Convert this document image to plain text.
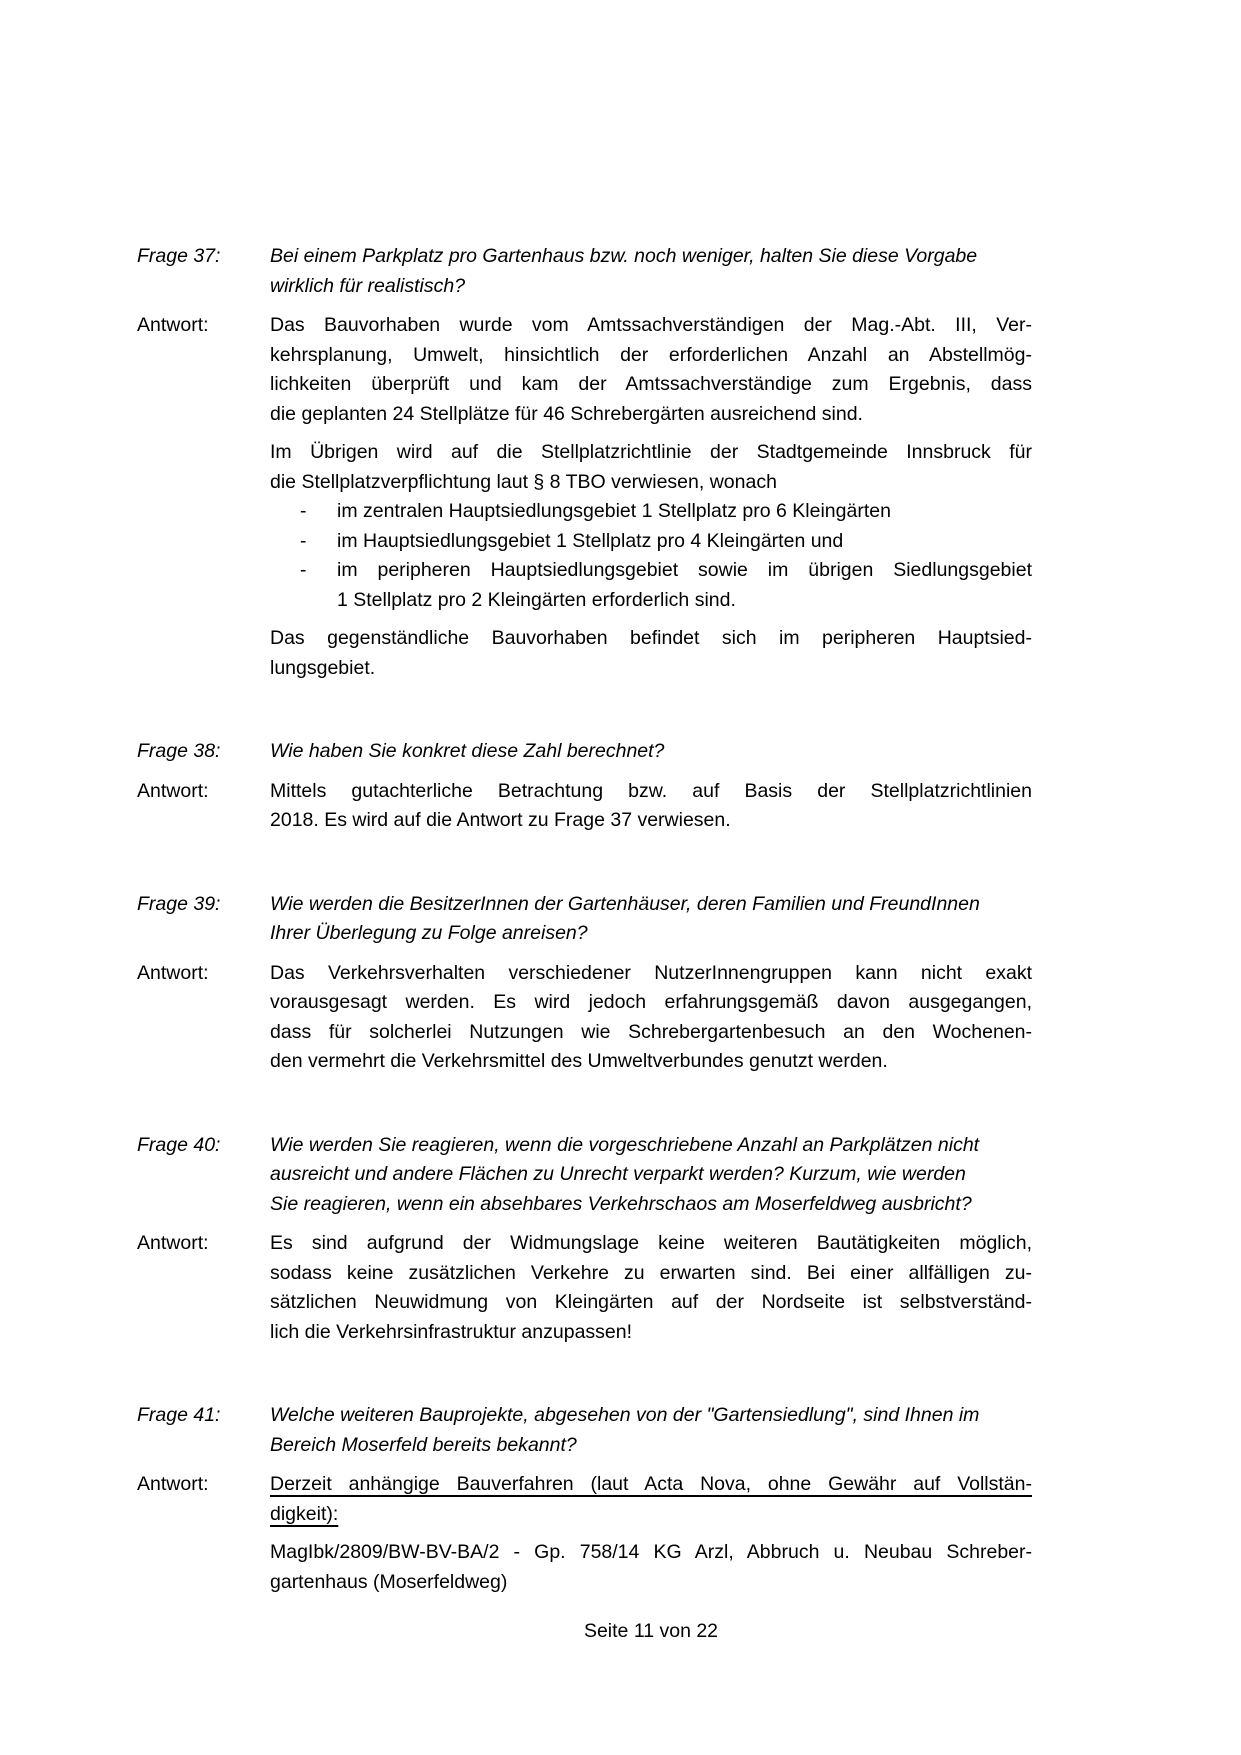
Frage 37:	Bei einem Parkplatz pro Gartenhaus bzw. noch weniger, halten Sie diese Vorgabe
wirklich für realistisch?
Antwort:	Das Bauvorhaben wurde vom Amtssachverständigen der Mag.-Abt. III, Ver-
kehrsplanung, Umwelt, hinsichtlich der erforderlichen Anzahl an Abstellmög-
lichkeiten überprüft und kam der Amtssachverständige zum Ergebnis, dass
die geplanten 24 Stellplätze für 46 Schrebergärten ausreichend sind.
Im Übrigen wird auf die Stellplatzrichtlinie der Stadtgemeinde Innsbruck für
die Stellplatzverpflichtung laut § 8 TBO verwiesen, wonach
-	im zentralen Hauptsiedlungsgebiet 1 Stellplatz pro 6 Kleingärten
-	im Hauptsiedlungsgebiet 1 Stellplatz pro 4 Kleingärten und
-	im peripheren Hauptsiedlungsgebiet sowie im übrigen Siedlungsgebiet
1 Stellplatz pro 2 Kleingärten erforderlich sind.
Das gegenständliche Bauvorhaben befindet sich im peripheren Hauptsied-
lungsgebiet.
Frage 38:	Wie haben Sie konkret diese Zahl berechnet?
Antwort:	Mittels gutachterliche Betrachtung bzw. auf Basis der Stellplatzrichtlinien
2018. Es wird auf die Antwort zu Frage 37 verwiesen.
Frage 39:	Wie werden die BesitzerInnen der Gartenhäuser, deren Familien und FreundInnen
Ihrer Überlegung zu Folge anreisen?
Antwort:	Das Verkehrsverhalten verschiedener NutzerInnengruppen kann nicht exakt
vorausgesagt werden. Es wird jedoch erfahrungsgemäß davon ausgegangen,
dass für solcherlei Nutzungen wie Schrebergartenbesuch an den Wochenen-
den vermehrt die Verkehrsmittel des Umweltverbundes genutzt werden.
Frage 40:	Wie werden Sie reagieren, wenn die vorgeschriebene Anzahl an Parkplätzen nicht
ausreicht und andere Flächen zu Unrecht verparkt werden? Kurzum, wie werden
Sie reagieren, wenn ein absehbares Verkehrschaos am Moserfeldweg ausbricht?
Antwort:	Es sind aufgrund der Widmungslage keine weiteren Bautätigkeiten möglich,
sodass keine zusätzlichen Verkehre zu erwarten sind. Bei einer allfälligen zu-
sätzlichen Neuwidmung von Kleingärten auf der Nordseite ist selbstverständ-
lich die Verkehrsinfrastruktur anzupassen!
Frage 41:	Welche weiteren Bauprojekte, abgesehen von der "Gartensiedlung", sind Ihnen im
Bereich Moserfeld bereits bekannt?
Antwort:	Derzeit anhängige Bauverfahren (laut Acta Nova, ohne Gewähr auf Vollstän-
digkeit):
MagIbk/2809/BW-BV-BA/2 - Gp. 758/14 KG Arzl, Abbruch u. Neubau Schreber-
gartenhaus (Moserfeldweg)
Seite 11 von 22
